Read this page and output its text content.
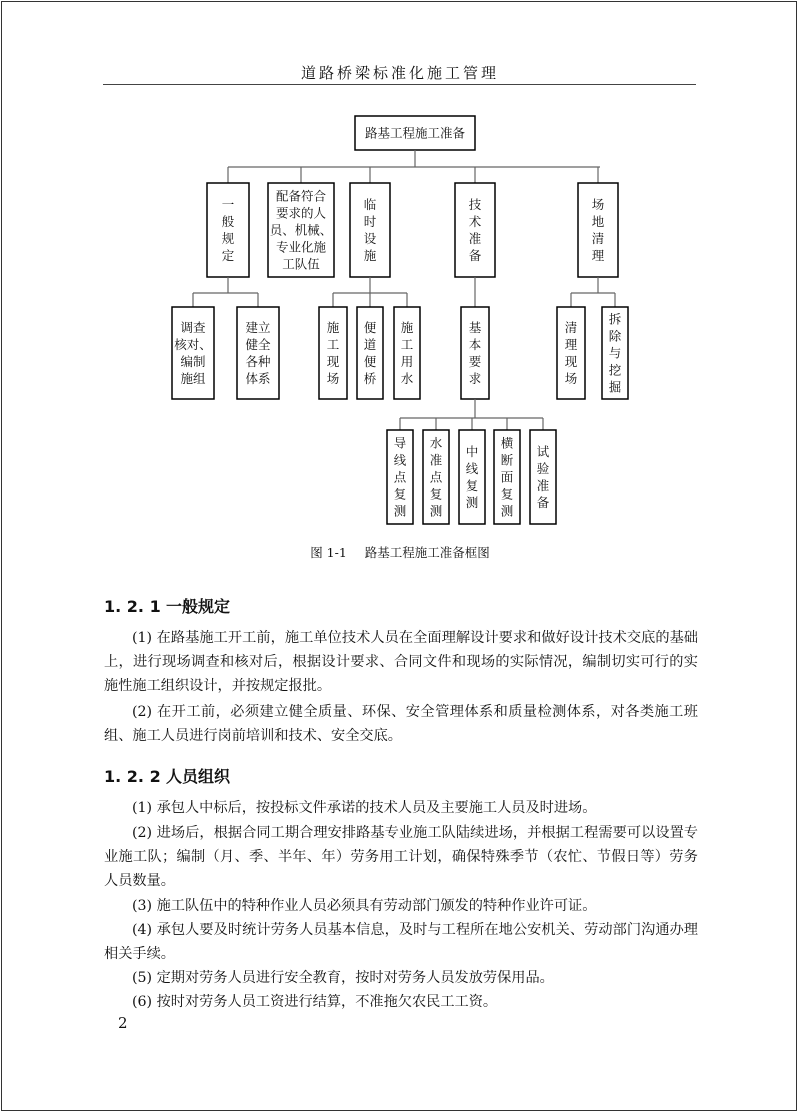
道路桥梁标准化施工管理
路基工程施工准备
一
般
规
定
配备符合
要求的人
员、机械、
专业化施
工队伍
临
时
设
施
技
术
准
备
场
地
清
理
调查
核对、
编制
施组
建立
健全
各种
体系
施
工
现
场
便
道
便
桥
施
工
用
水
基
本
要
求
清
理
现
场
拆
除
与
挖
掘
导
线
点
复
测
水
准
点
复
测
中
线
复
测
横
断
面
复
测
试
验
准
备
图 1-1 路基工程施工准备框图
1. 2. 1 一般规定

(1) 在路基施工开工前，施工单位技术人员在全面理解设计要求和做好设计技术交底的基础上，进行现场调查和核对后，根据设计要求、合同文件和现场的实际情况，编制切实可行的实施性施工组织设计，并按规定报批。

(2) 在开工前，必须建立健全质量、环保、安全管理体系和质量检测体系，对各类施工班组、施工人员进行岗前培训和技术、安全交底。

1. 2. 2 人员组织

(1) 承包人中标后，按投标文件承诺的技术人员及主要施工人员及时进场。

(2) 进场后，根据合同工期合理安排路基专业施工队陆续进场，并根据工程需要可以设置专业施工队；编制（月、季、半年、年）劳务用工计划，确保特殊季节（农忙、节假日等）劳务人员数量。

(3) 施工队伍中的特种作业人员必须具有劳动部门颁发的特种作业许可证。

(4) 承包人要及时统计劳务人员基本信息，及时与工程所在地公安机关、劳动部门沟通办理相关手续。

(5) 定期对劳务人员进行安全教育，按时对劳务人员发放劳保用品。

(6) 按时对劳务人员工资进行结算，不准拖欠农民工工资。

2
